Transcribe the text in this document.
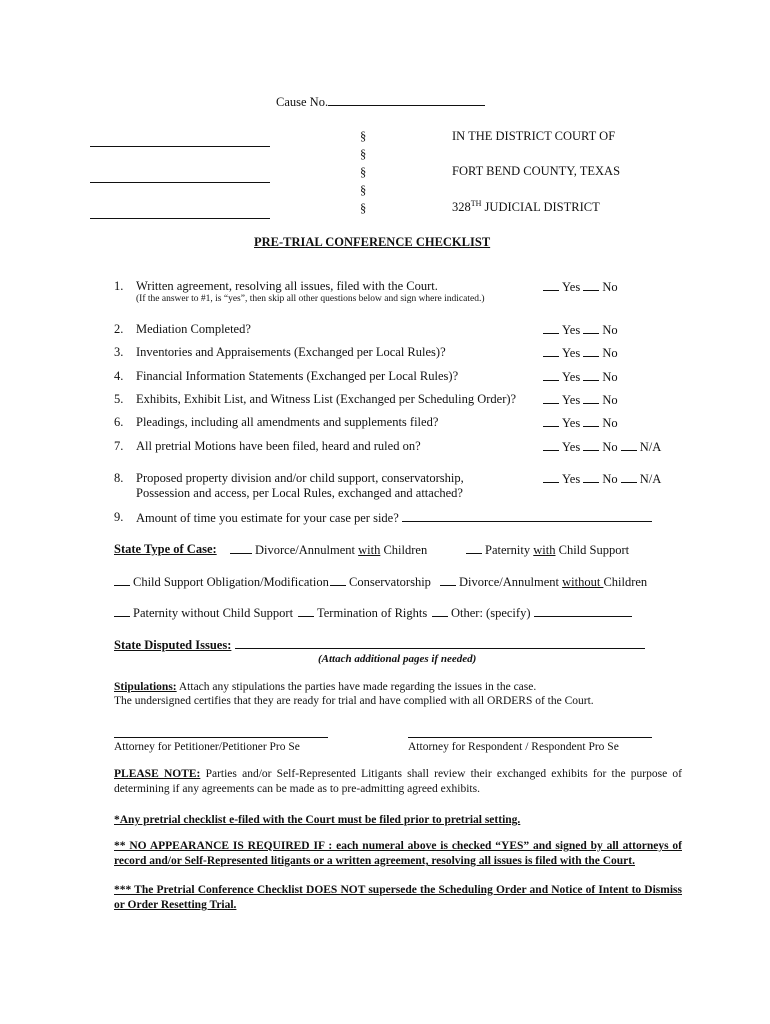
Cause No.
§
§
§
§
§
IN THE DISTRICT COURT OF
FORT BEND COUNTY, TEXAS
328TH JUDICIAL DISTRICT
PRE-TRIAL CONFERENCE CHECKLIST
1. Written agreement, resolving all issues, filed with the Court.
(If the answer to #1, is “yes”, then skip all other questions below and sign where indicated.)
Yes No
2. Mediation Completed?	Yes No
3. Inventories and Appraisements (Exchanged per Local Rules)?	Yes No
4. Financial Information Statements (Exchanged per Local Rules)?	Yes No
5. Exhibits, Exhibit List, and Witness List (Exchanged per Scheduling Order)?	Yes No
6. Pleadings, including all amendments and supplements filed?	Yes No
7. All pretrial Motions have been filed, heard and ruled on?	Yes No N/A
8. Proposed property division and/or child support, conservatorship,
Possession and access, per Local Rules, exchanged and attached?
Yes No N/A
9. Amount of time you estimate for your case per side?
State Type of Case:	Divorce/Annulment with Children	Paternity with Child Support
Child Support Obligation/Modification	Conservatorship	Divorce/Annulment without Children
Paternity without Child Support	Termination of Rights	Other: (specify)
State Disputed Issues:
(Attach additional pages if needed)
Stipulations: Attach any stipulations the parties have made regarding the issues in the case.
The undersigned certifies that they are ready for trial and have complied with all ORDERS of the Court.
Attorney for Petitioner/Petitioner Pro Se	Attorney for Respondent / Respondent Pro Se
PLEASE NOTE: Parties and/or Self-Represented Litigants shall review their exchanged exhibits for the purpose of determining if any agreements can be made as to pre-admitting agreed exhibits.
*Any pretrial checklist e-filed with the Court must be filed prior to pretrial setting.
** NO APPEARANCE IS REQUIRED IF : each numeral above is checked “YES” and signed by all attorneys of record and/or Self-Represented litigants or a written agreement, resolving all issues is filed with the Court.
*** The Pretrial Conference Checklist DOES NOT supersede the Scheduling Order and Notice of Intent to Dismiss or Order Resetting Trial.
